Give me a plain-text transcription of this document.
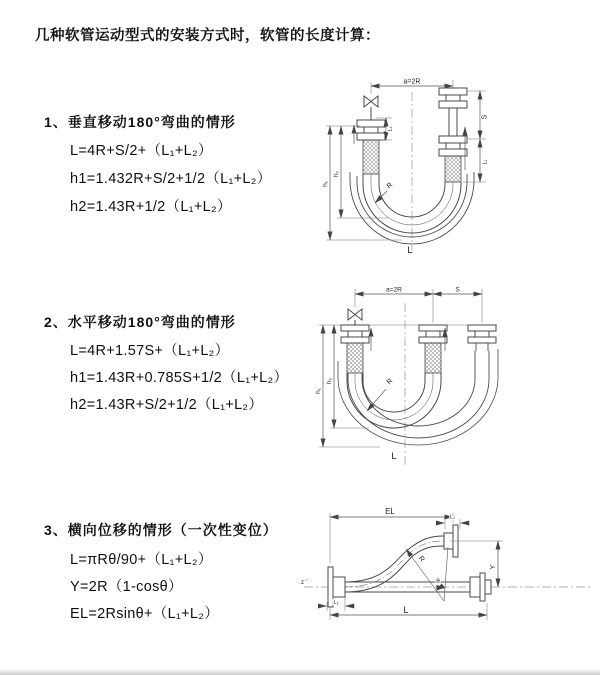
几种软管运动型式的安装方式时，软管的长度计算：
1、垂直移动180°弯曲的情形
L=4R+S/2+（L₁+L₂）
h1=1.432R+S/2+1/2（L₁+L₂）
h2=1.43R+1/2（L₁+L₂）
a=2R
h₁
h₂
S
L₁
L₁
R
L
2、水平移动180°弯曲的情形
L=4R+1.57S+（L₁+L₂）
h1=1.43R+0.785S+1/2（L₁+L₂）
h2=1.43R+S/2+1/2（L₁+L₂）
a=2R	S
h₁
h₂	R
L
3、横向位移的情形（一次性变位）
L=πRθ/90+（L₁+L₂）
Y=2R（1-cosθ）
EL=2Rsinθ+（L₁+L₂）
z	θ
R
EL
L₁
Y
L
L₁
